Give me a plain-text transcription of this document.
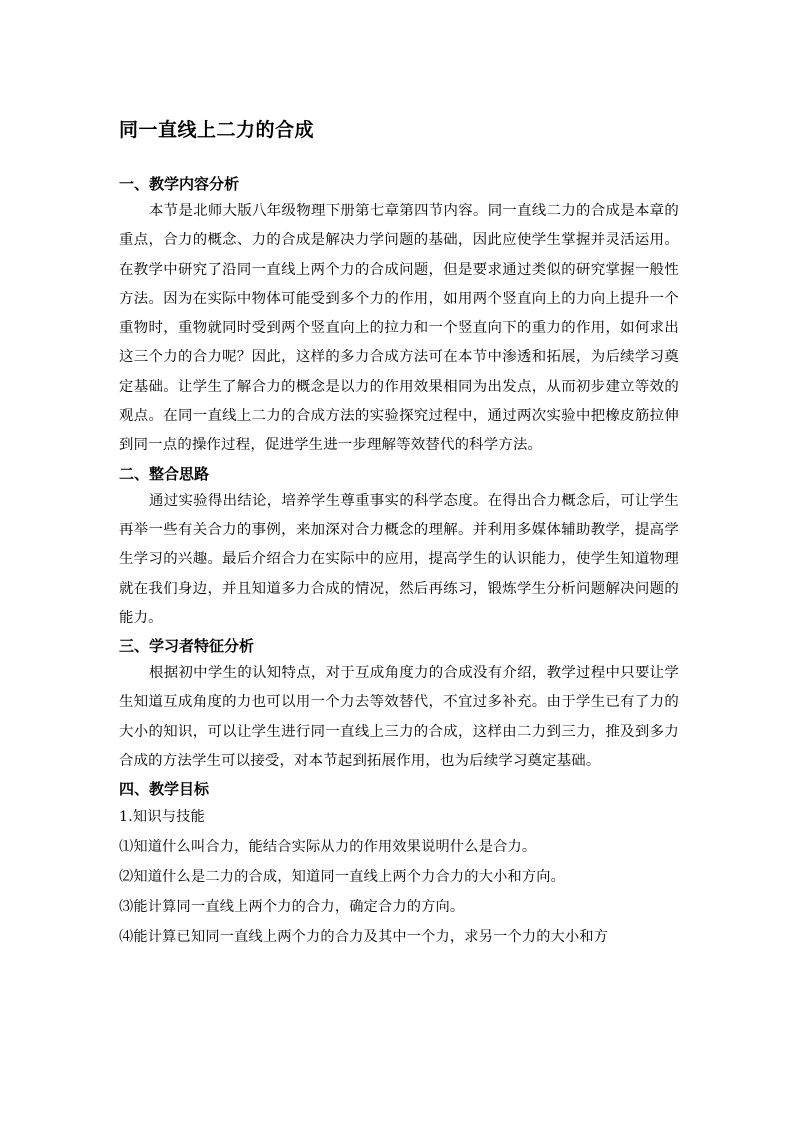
同一直线上二力的合成
一、教学内容分析

本节是北师大版八年级物理下册第七章第四节内容。同一直线二力的合成是本章的重点，合力的概念、力的合成是解决力学问题的基础，因此应使学生掌握并灵活运用。在教学中研究了沿同一直线上两个力的合成问题，但是要求通过类似的研究掌握一般性方法。因为在实际中物体可能受到多个力的作用，如用两个竖直向上的力向上提升一个重物时，重物就同时受到两个竖直向上的拉力和一个竖直向下的重力的作用，如何求出这三个力的合力呢？因此，这样的多力合成方法可在本节中渗透和拓展，为后续学习奠定基础。让学生了解合力的概念是以力的作用效果相同为出发点，从而初步建立等效的观点。在同一直线上二力的合成方法的实验探究过程中，通过两次实验中把橡皮筋拉伸到同一点的操作过程，促进学生进一步理解等效替代的科学方法。

二、整合思路

通过实验得出结论，培养学生尊重事实的科学态度。在得出合力概念后，可让学生再举一些有关合力的事例，来加深对合力概念的理解。并利用多媒体辅助教学，提高学生学习的兴趣。最后介绍合力在实际中的应用，提高学生的认识能力，使学生知道物理就在我们身边，并且知道多力合成的情况，然后再练习，锻炼学生分析问题解决问题的能力。

三、学习者特征分析

根据初中学生的认知特点，对于互成角度力的合成没有介绍，教学过程中只要让学生知道互成角度的力也可以用一个力去等效替代，不宜过多补充。由于学生已有了力的大小的知识，可以让学生进行同一直线上三力的合成，这样由二力到三力，推及到多力合成的方法学生可以接受，对本节起到拓展作用，也为后续学习奠定基础。

四、教学目标

1.知识与技能

⑴知道什么叫合力，能结合实际从力的作用效果说明什么是合力。

⑵知道什么是二力的合成，知道同一直线上两个力合力的大小和方向。

⑶能计算同一直线上两个力的合力，确定合力的方向。

⑷能计算已知同一直线上两个力的合力及其中一个力，求另一个力的大小和方
